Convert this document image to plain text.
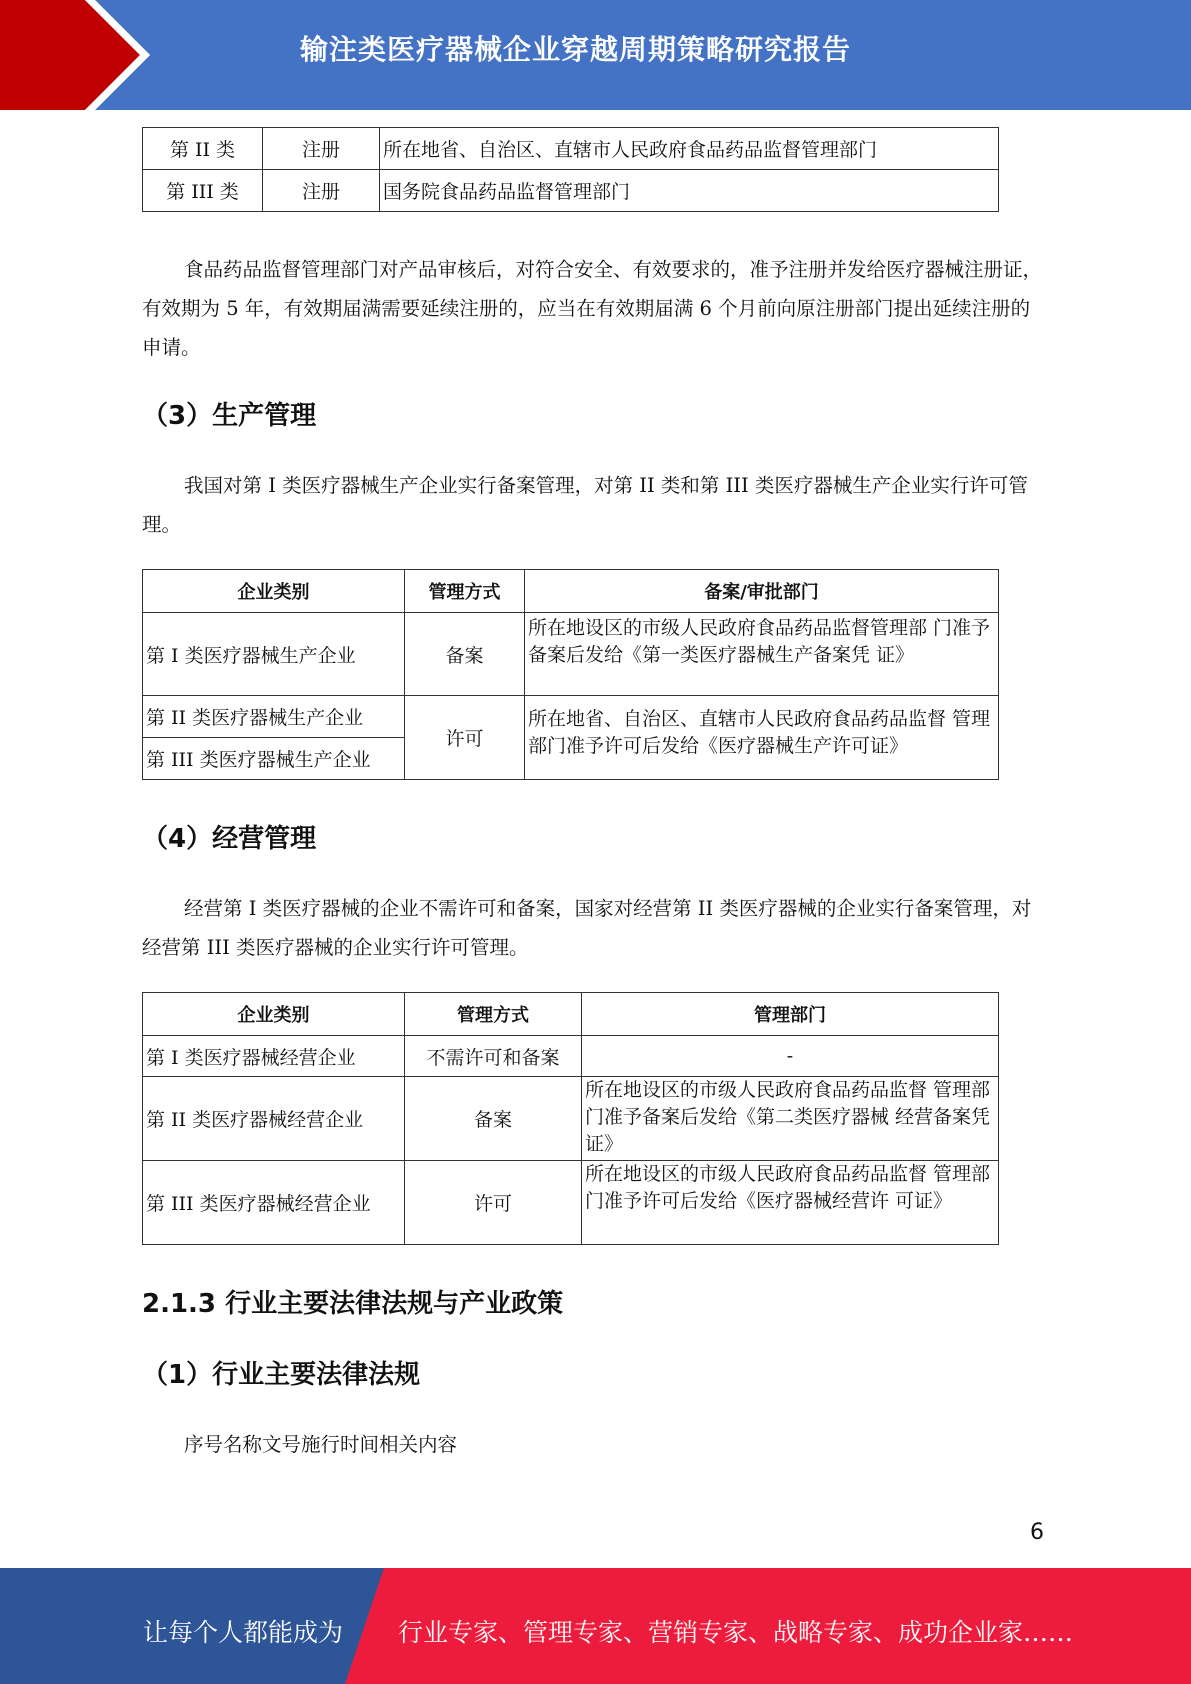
输注类医疗器械企业穿越周期策略研究报告
第 II 类	注册	所在地省、自治区、直辖市人民政府食品药品监督管理部门
第 III 类	注册	国务院食品药品监督管理部门

食品药品监督管理部门对产品审核后，对符合安全、有效要求的，准予注册并发给医疗器械注册证，有效期为 5 年，有效期届满需要延续注册的，应当在有效期届满 6 个月前向原注册部门提出延续注册的申请。

（3）生产管理

我国对第 I 类医疗器械生产企业实行备案管理，对第 II 类和第 III 类医疗器械生产企业实行许可管理。

企业类别	管理方式	备案/审批部门
第 I 类医疗器械生产企业	备案	所在地设区的市级人民政府食品药品监督管理部 门准予备案后发给《第一类医疗器械生产备案凭 证》
第 II 类医疗器械生产企业	许可	所在地省、自治区、直辖市人民政府食品药品监督 管理部门准予许可后发给《医疗器械生产许可证》
第 III 类医疗器械生产企业		
（4）经营管理

经营第 I 类医疗器械的企业不需许可和备案，国家对经营第 II 类医疗器械的企业实行备案管理，对经营第 III 类医疗器械的企业实行许可管理。

企业类别	管理方式	管理部门
第 I 类医疗器械经营企业	不需许可和备案	-
第 II 类医疗器械经营企业	备案	所在地设区的市级人民政府食品药品监督 管理部门准予备案后发给《第二类医疗器械 经营备案凭证》
第 III 类医疗器械经营企业	许可	所在地设区的市级人民政府食品药品监督 管理部门准予许可后发给《医疗器械经营许 可证》
2.1.3 行业主要法律法规与产业政策
（1）行业主要法律法规

序号名称文号施行时间相关内容

6
让每个人都能成为 行业专家、管理专家、营销专家、战略专家、成功企业家……
